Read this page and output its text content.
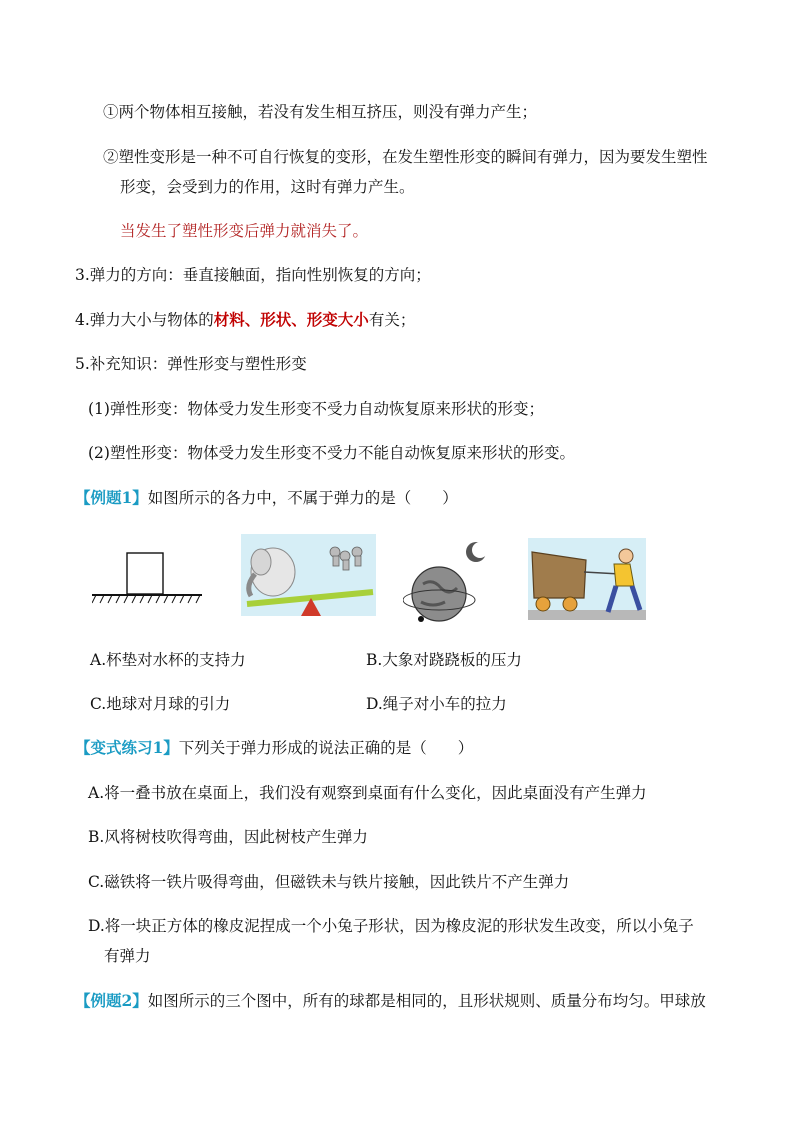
①两个物体相互接触，若没有发生相互挤压，则没有弹力产生；
②塑性变形是一种不可自行恢复的变形，在发生塑性形变的瞬间有弹力，因为要发生塑性
形变，会受到力的作用，这时有弹力产生。
当发生了塑性形变后弹力就消失了。
3.弹力的方向：垂直接触面，指向性别恢复的方向；
4.弹力大小与物体的材料、形状、形变大小有关；
5.补充知识：弹性形变与塑性形变
(1)弹性形变：物体受力发生形变不受力自动恢复原来形状的形变；
(2)塑性形变：物体受力发生形变不受力不能自动恢复原来形状的形变。
【例题1】如图所示的各力中，不属于弹力的是（　　）
A.杯垫对水杯的支持力	B.大象对跷跷板的压力
C.地球对月球的引力	D.绳子对小车的拉力
【变式练习1】下列关于弹力形成的说法正确的是（　　）
A.将一叠书放在桌面上，我们没有观察到桌面有什么变化，因此桌面没有产生弹力
B.风将树枝吹得弯曲，因此树枝产生弹力
C.磁铁将一铁片吸得弯曲，但磁铁未与铁片接触，因此铁片不产生弹力
D.将一块正方体的橡皮泥捏成一个小兔子形状，因为橡皮泥的形状发生改变，所以小兔子
有弹力
【例题2】如图所示的三个图中，所有的球都是相同的，且形状规则、质量分布均匀。甲球放
